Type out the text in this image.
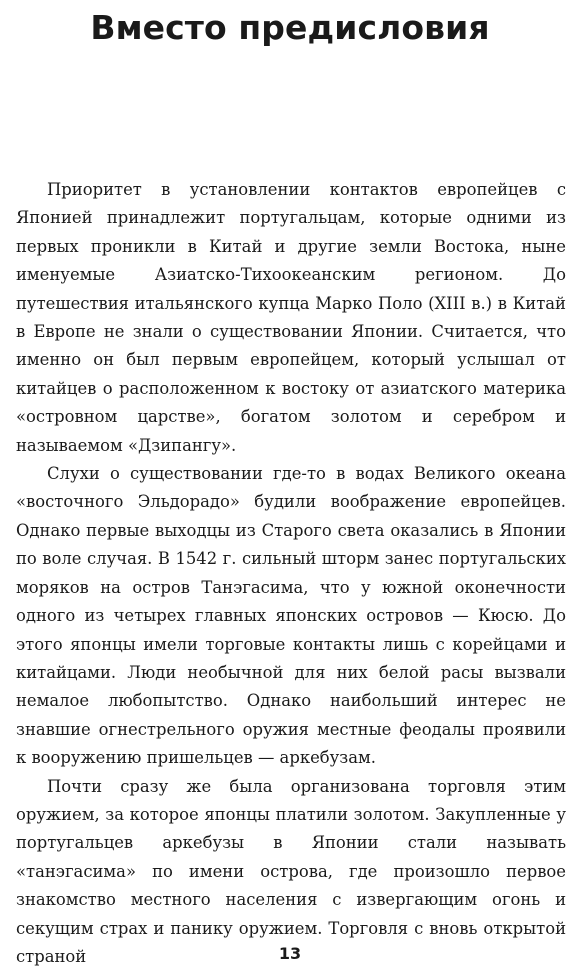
Вместо предисловия

Приоритет в установлении контактов европейцев с Японией принадлежит португальцам, которые одними из первых проникли в Китай и другие земли Востока, ныне именуемые Азиатско-Тихоокеанским регионом. До путешествия итальянского купца Марко Поло (XIII в.) в Китай в Европе не знали о существовании Японии. Считается, что именно он был первым европейцем, который услышал от китайцев о расположенном к востоку от азиатского материка «островном царстве», богатом золотом и серебром и называемом «Дзипангу».

Слухи о существовании где-то в водах Великого океана «восточного Эльдорадо» будили воображение европейцев. Однако первые выходцы из Старого света оказались в Японии по воле случая. В 1542 г. сильный шторм занес португальских моряков на остров Танэгасима, что у южной оконечности одного из четырех главных японских островов — Кюсю. До этого японцы имели торговые контакты лишь с корейцами и китайцами. Люди необычной для них белой расы вызвали немалое любопытство. Однако наибольший интерес не знавшие огнестрельного оружия местные феодалы проявили к вооружению пришельцев — аркебузам.

Почти сразу же была организована торговля этим оружием, за которое японцы платили золотом. Закупленные у португальцев аркебузы в Японии стали называть «танэгасима» по имени острова, где произошло первое знакомство местного населения с извергающим огонь и секущим страх и панику оружием. Торговля с вновь открытой страной	13
